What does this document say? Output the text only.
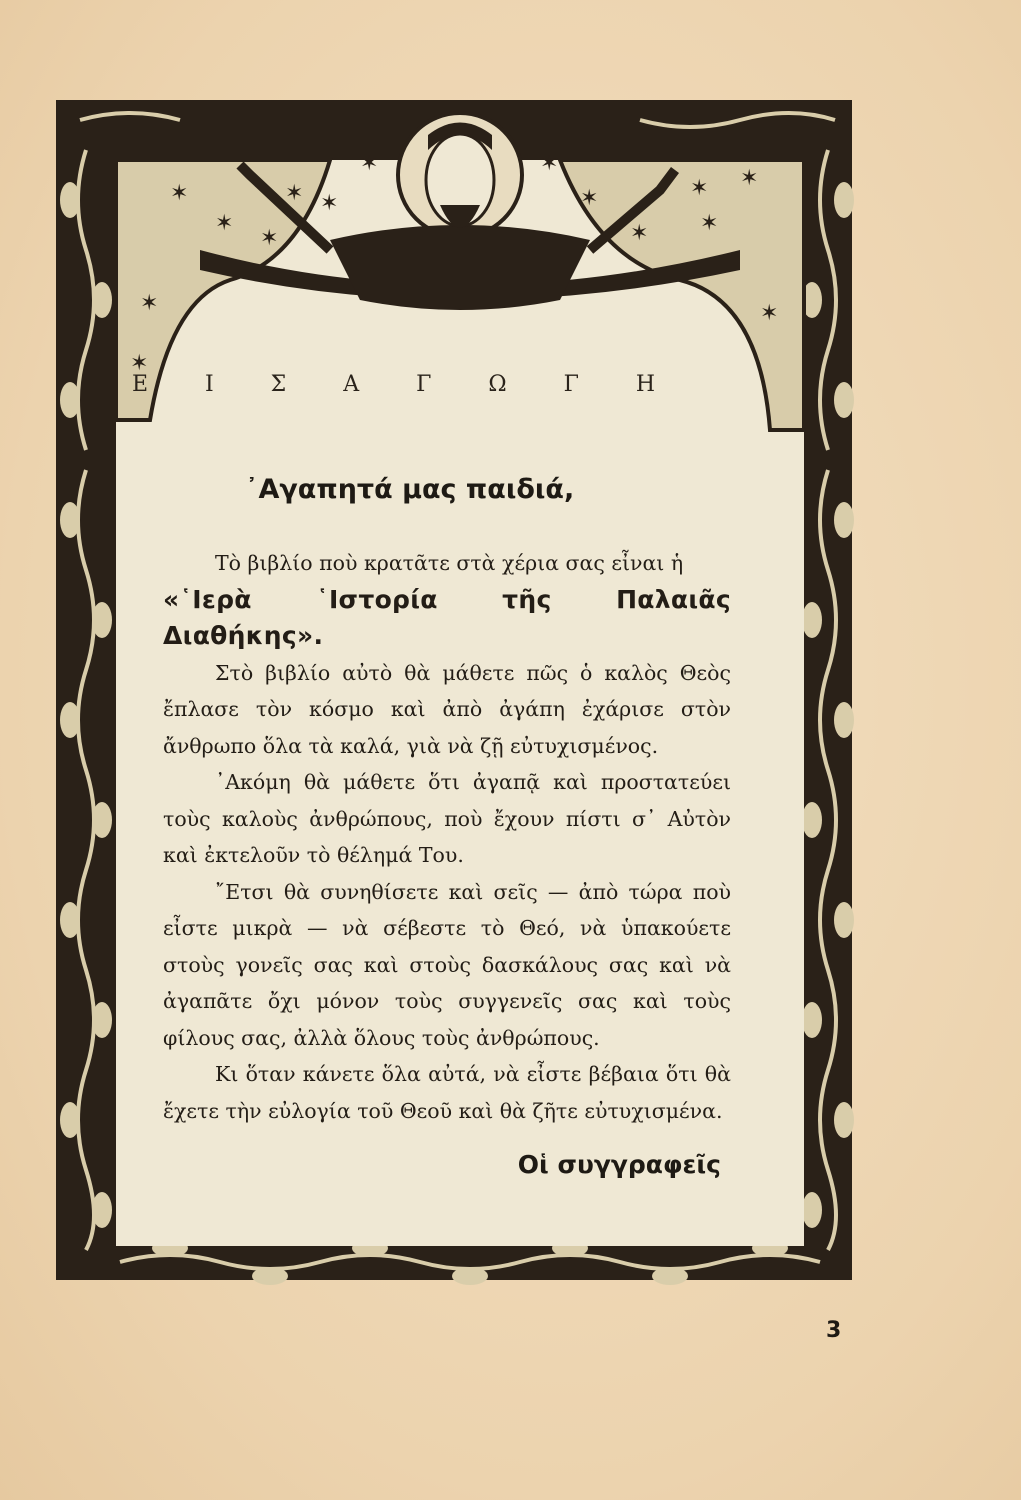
✶
✶
✶
✶
✶
✶
✶
✶
✶
✶ ✶
✶
✶	✶
✶
Ε Ι Σ Α Γ Ω Γ Η
᾿Αγαπητά μας παιδιά,

Τὸ βιβλίο ποὺ κρατᾶτε στὰ χέρια σας εἶναι ἡ

«῾Ιερὰ ῾Ιστορία τῆς Παλαιᾶς Διαθήκης».

Στὸ βιβλίο αὐτὸ θὰ μάθετε πῶς ὁ καλὸς Θεὸς ἔπλασε τὸν κόσμο καὶ ἀπὸ ἀγάπη ἐχάρισε στὸν ἄνθρωπο ὅλα τὰ καλά, γιὰ νὰ ζῇ εὐτυχισμένος.

᾿Ακόμη θὰ μάθετε ὅτι ἀγαπᾷ καὶ προστατεύει τοὺς καλοὺς ἀνθρώπους, ποὺ ἔχουν πίστι σ᾿ Αὐτὸν καὶ ἐκτελοῦν τὸ θέλημά Του.

῎Ετσι θὰ συνηθίσετε καὶ σεῖς — ἀπὸ τώρα ποὺ εἶστε μικρὰ — νὰ σέβεστε τὸ Θεό, νὰ ὑπακούετε στοὺς γονεῖς σας καὶ στοὺς δασκάλους σας καὶ νὰ ἀγαπᾶτε ὄχι μόνον τοὺς συγγενεῖς σας καὶ τοὺς φίλους σας, ἀλλὰ ὅλους τοὺς ἀνθρώπους.

Κι ὅταν κάνετε ὅλα αὐτά, νὰ εἶστε βέβαια ὅτι θὰ ἔχετε τὴν εὐλογία τοῦ Θεοῦ καὶ θὰ ζῆτε εὐτυχισμένα.

Οἱ συγγραφεῖς

3
